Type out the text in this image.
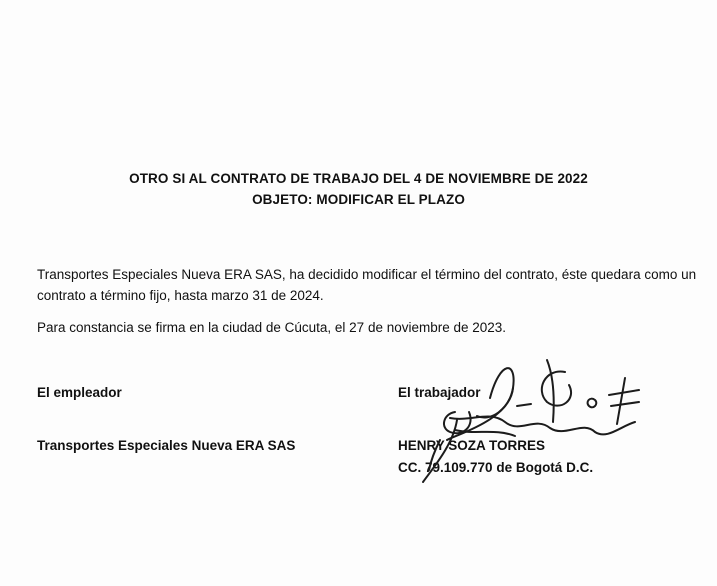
OTRO SI AL CONTRATO DE TRABAJO DEL 4 DE NOVIEMBRE DE 2022
OBJETO: MODIFICAR EL PLAZO
Transportes Especiales Nueva ERA SAS, ha decidido modificar el término del contrato, éste quedara como un contrato a término fijo, hasta marzo 31 de 2024.
Para constancia se firma en la ciudad de Cúcuta, el 27 de noviembre de 2023.
El empleador
Transportes Especiales Nueva ERA SAS
El trabajador
HENRY SOZA TORRES
CC. 79.109.770 de Bogotá D.C.
